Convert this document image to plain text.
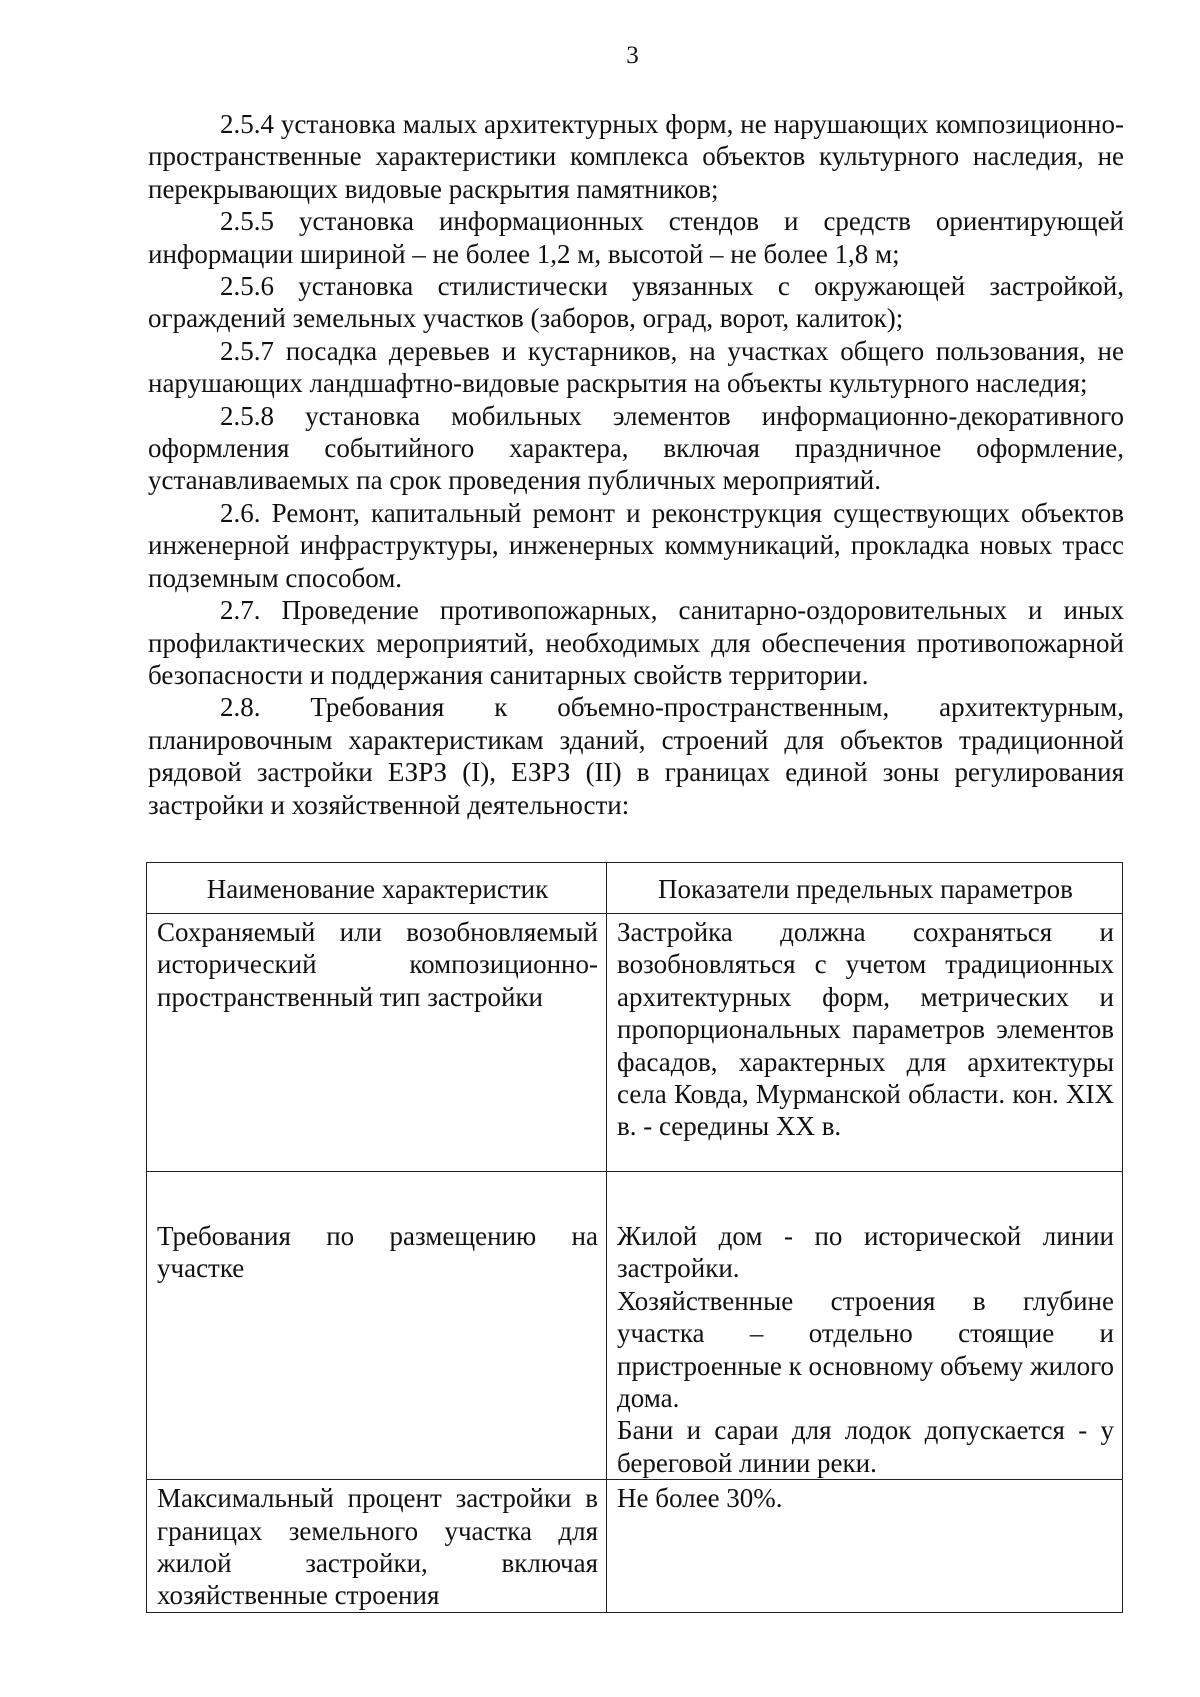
3

2.5.4 установка малых архитектурных форм, не нарушающих композиционно-пространственные характеристики комплекса объектов культурного наследия, не перекрывающих видовые раскрытия памятников;

2.5.5 установка информационных стендов и средств ориентирующей информации шириной – не более 1,2 м, высотой – не более 1,8 м;

2.5.6 установка стилистически увязанных с окружающей застройкой, ограждений земельных участков (заборов, оград, ворот, калиток);

2.5.7 посадка деревьев и кустарников, на участках общего пользования, не нарушающих ландшафтно-видовые раскрытия на объекты культурного наследия;

2.5.8 установка мобильных элементов информационно-декоративного оформления событийного характера, включая праздничное оформление, устанавливаемых па срок проведения публичных мероприятий.

2.6. Ремонт, капитальный ремонт и реконструкция существующих объектов инженерной инфраструктуры, инженерных коммуникаций, прокладка новых трасс подземным способом.

2.7. Проведение противопожарных, санитарно-оздоровительных и иных профилактических мероприятий, необходимых для обеспечения противопожарной безопасности и поддержания санитарных свойств территории.

2.8. Требования к объемно-пространственным, архитектурным, планировочным характеристикам зданий, строений для объектов традиционной рядовой застройки ЕЗРЗ (I), ЕЗРЗ (II) в границах единой зоны регулирования застройки и хозяйственной деятельности:

Наименование характеристик	Показатели предельных параметров
Сохраняемый или возобновляемый исторический композиционно-пространственный тип застройки	Застройка должна сохраняться и возобновляться с учетом традиционных архитектурных форм, метрических и пропорциональных параметров элементов фасадов, характерных для архитектуры села Ковда, Мурманской области. кон. XIX в. - середины XX в.

Требования по размещению на участке	Жилой дом - по исторической линии застройки.
Хозяйственные строения в глубине участка – отдельно стоящие и пристроенные к основному объему жилого дома.
Бани и сараи для лодок допускается - у береговой линии реки.

Максимальный процент застройки в границах земельного участка для жилой застройки, включая хозяйственные строения	Не более 30%.
